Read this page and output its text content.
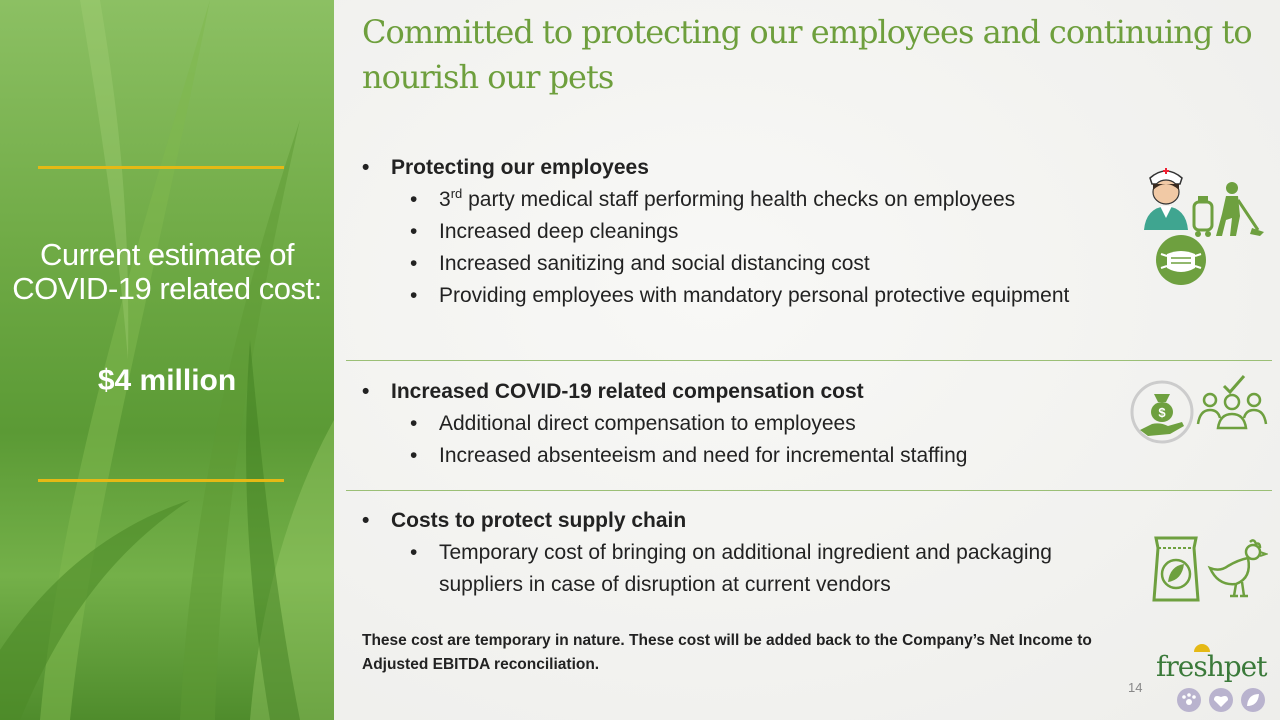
Current estimate of COVID-19 related cost:
$4 million
Committed to protecting our employees and continuing to nourish our pets
• Protecting our employees
• 3rd party medical staff performing health checks on employees
• Increased deep cleanings
• Increased sanitizing and social distancing cost
• Providing employees with mandatory personal protective equipment
• Increased COVID-19 related compensation cost
• Additional direct compensation to employees
• Increased absenteeism and need for incremental staffing
• Costs to protect supply chain
• Temporary cost of bringing on additional ingredient and packaging suppliers in case of disruption at current vendors
These cost are temporary in nature. These cost will be added back to the Company’s Net Income to Adjusted EBITDA reconciliation.
14
$
freshpet
